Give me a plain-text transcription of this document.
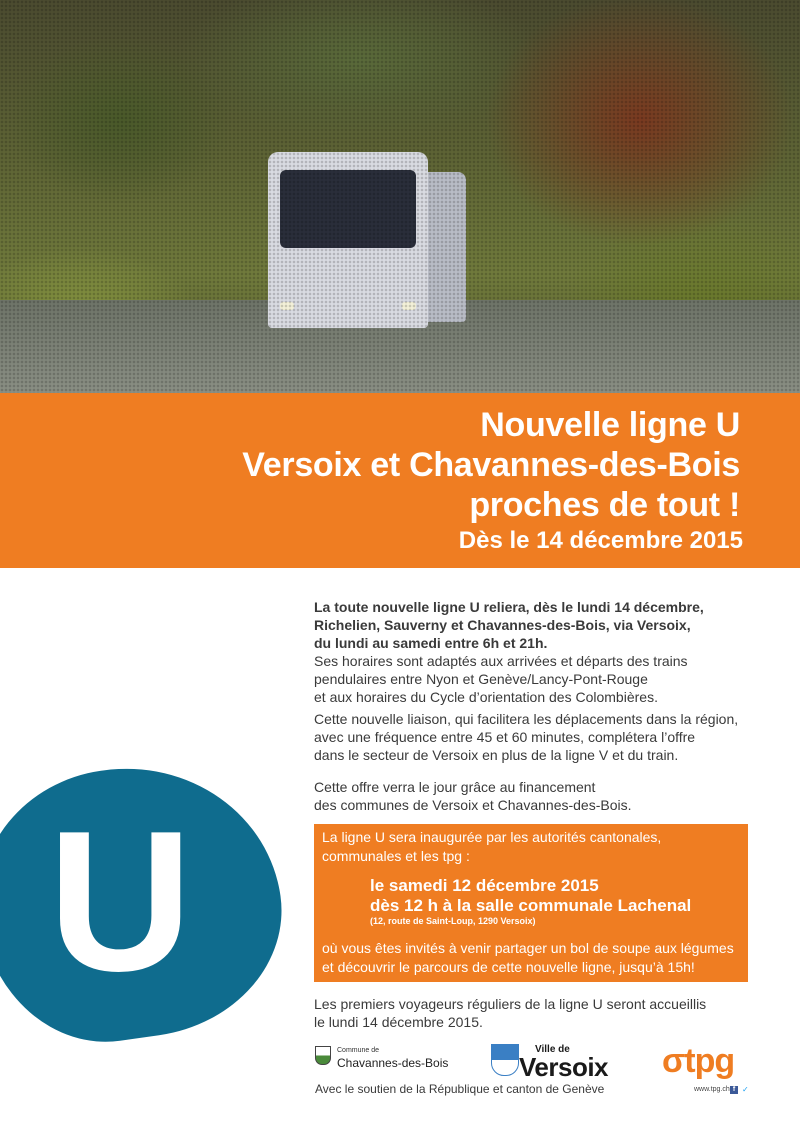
Nouvelle ligne U
Versoix et Chavannes-des-Bois
proches de tout !
Dès le 14 décembre 2015
La toute nouvelle ligne U reliera, dès le lundi 14 décembre,
Richelien, Sauverny et Chavannes-des-Bois, via Versoix,
du lundi au samedi entre 6h et 21h.
Ses horaires sont adaptés aux arrivées et départs des trains
pendulaires entre Nyon et Genève/Lancy-Pont-Rouge
et aux horaires du Cycle d’orientation des Colombières.
Cette nouvelle liaison, qui facilitera les déplacements dans la région,
avec une fréquence entre 45 et 60 minutes, complétera l’offre
dans le secteur de Versoix en plus de la ligne V et du train.
Cette offre verra le jour grâce au financement
des communes de Versoix et Chavannes-des-Bois.
U	La ligne U sera inaugurée par les autorités cantonales,
communales et les tpg :
le samedi 12 décembre 2015
dès 12 h à la salle communale Lachenal
(12, route de Saint-Loup, 1290 Versoix)
où vous êtes invités à venir partager un bol de soupe aux légumes
et découvrir le parcours de cette nouvelle ligne, jusqu’à 15h!
Les premiers voyageurs réguliers de la ligne U seront accueillis
le lundi 14 décembre 2015.
Commune de
Chavannes-des-Bois
Ville de
Versoix σtpg
www.tpg.ch f ✓
Avec le soutien de la République et canton de Genève
